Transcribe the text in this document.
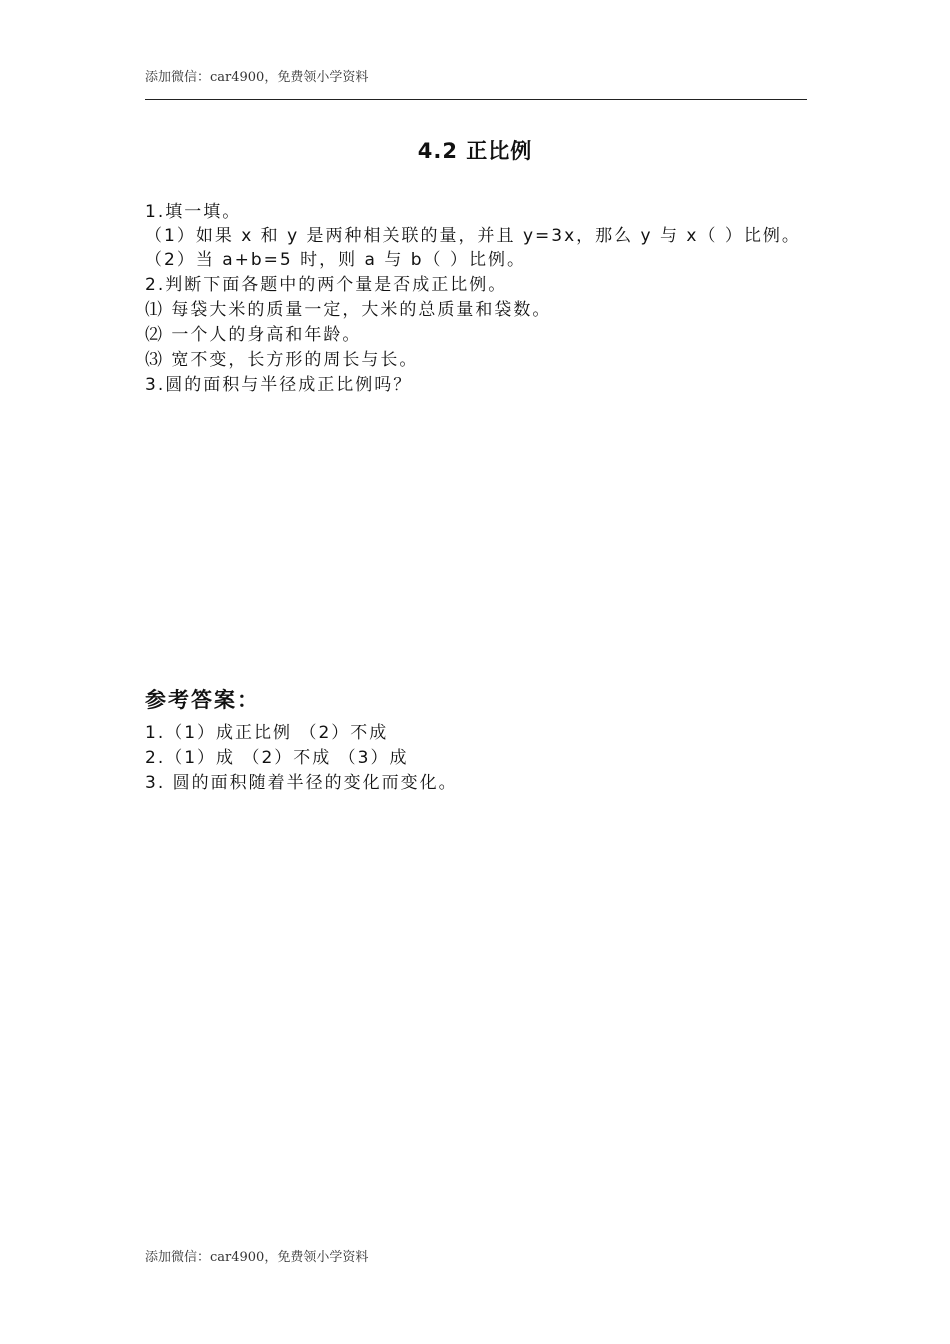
添加微信：car4900，免费领小学资料
4.2 正比例
1.填一填。
（1）如果 x 和 y 是两种相关联的量，并且 y=3x，那么 y 与 x（ ）比例。
（2）当 a+b=5 时，则 a 与 b（ ）比例。
2.判断下面各题中的两个量是否成正比例。
⑴ 每袋大米的质量一定，大米的总质量和袋数。
⑵ 一个人的身高和年龄。
⑶ 宽不变，长方形的周长与长。
3.圆的面积与半径成正比例吗？
参考答案：
1.（1）成正比例 （2）不成
2.（1）成 （2）不成 （3）成
3. 圆的面积随着半径的变化而变化。
添加微信：car4900，免费领小学资料
